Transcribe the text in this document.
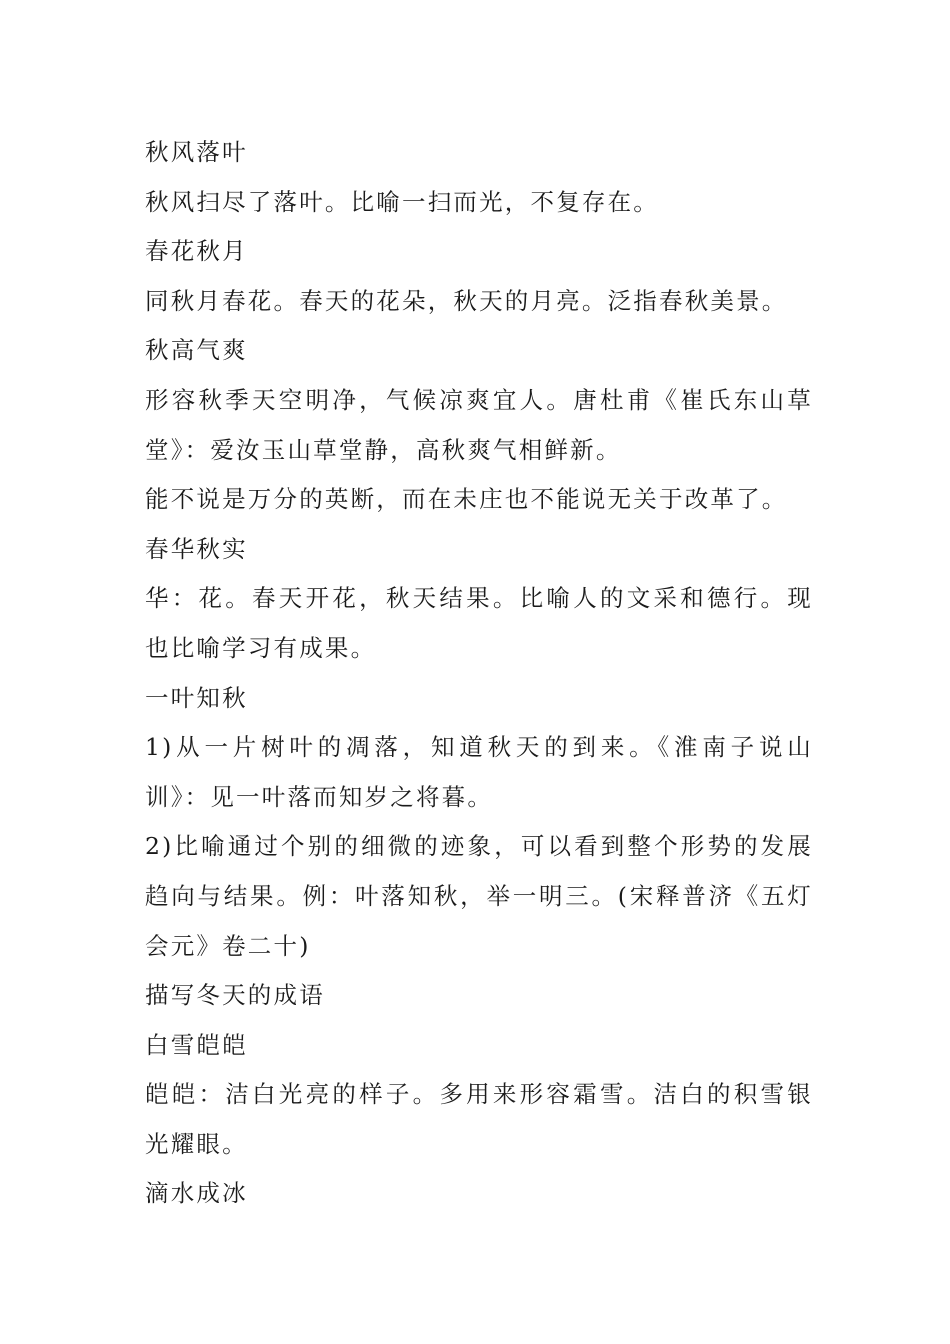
秋风落叶

秋风扫尽了落叶。比喻一扫而光，不复存在。

春花秋月

同秋月春花。春天的花朵，秋天的月亮。泛指春秋美景。

秋高气爽

形容秋季天空明净，气候凉爽宜人。唐杜甫《崔氏东山草堂》：爱汝玉山草堂静，高秋爽气相鲜新。

能不说是万分的英断，而在未庄也不能说无关于改革了。

春华秋实

华：花。春天开花，秋天结果。比喻人的文采和德行。现也比喻学习有成果。

一叶知秋

1)从一片树叶的凋落，知道秋天的到来。《淮南子说山训》：见一叶落而知岁之将暮。

2)比喻通过个别的细微的迹象，可以看到整个形势的发展趋向与结果。例：叶落知秋，举一明三。(宋释普济《五灯会元》卷二十)

描写冬天的成语

白雪皑皑

皑皑：洁白光亮的样子。多用来形容霜雪。洁白的积雪银光耀眼。

滴水成冰
